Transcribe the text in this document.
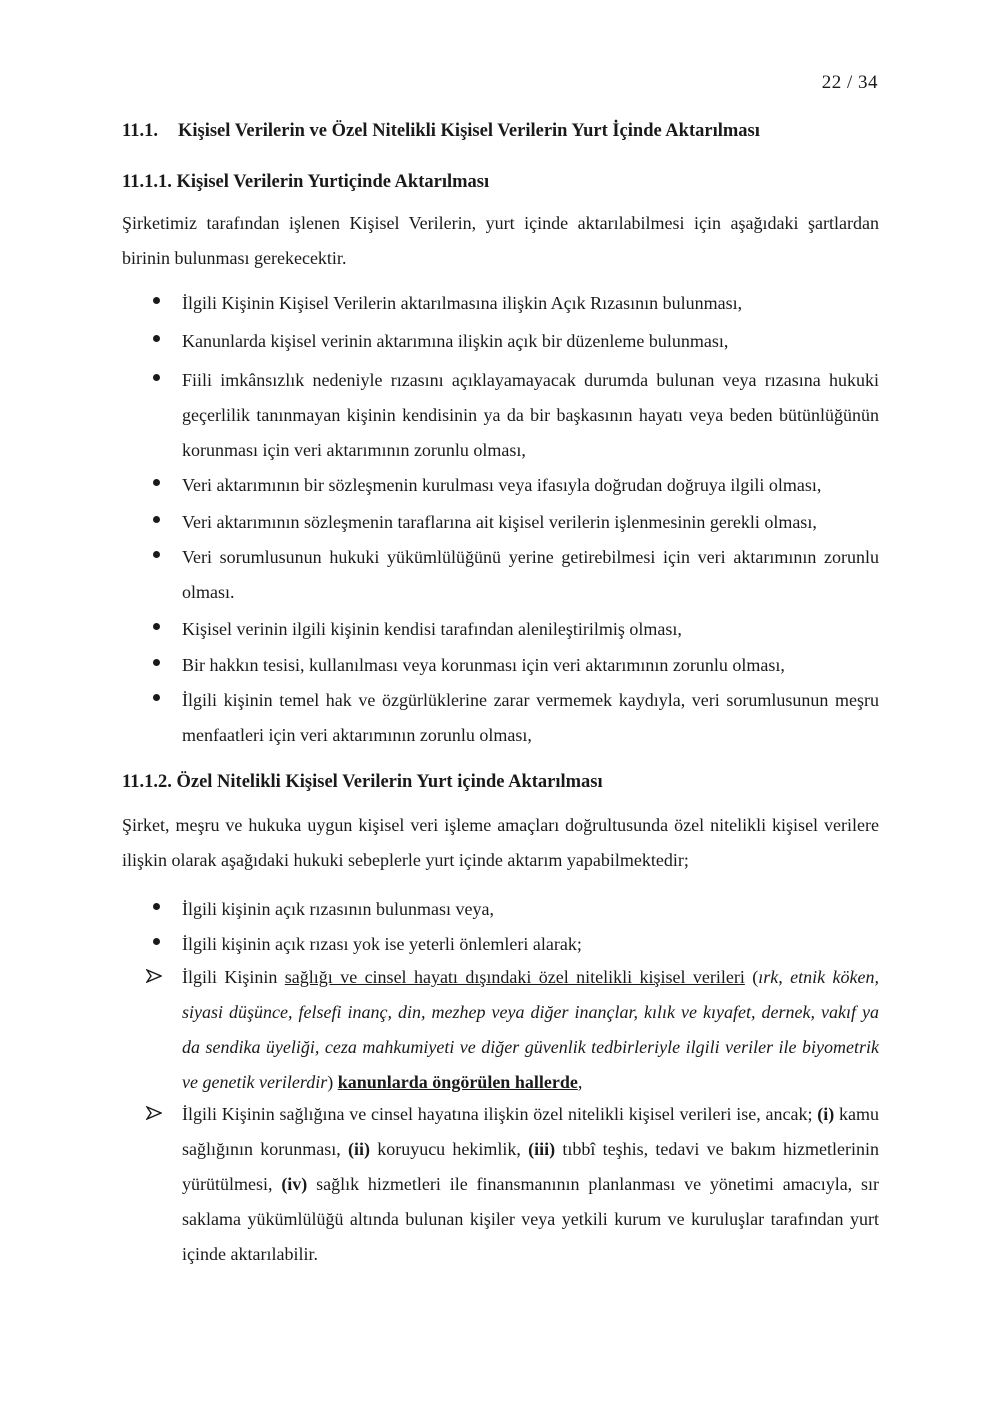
22 / 34
11.1. Kişisel Verilerin ve Özel Nitelikli Kişisel Verilerin Yurt İçinde Aktarılması
11.1.1. Kişisel Verilerin Yurtiçinde Aktarılması

Şirketimiz tarafından işlenen Kişisel Verilerin, yurt içinde aktarılabilmesi için aşağıdaki şartlardan birinin bulunması gerekecektir.

İlgili Kişinin Kişisel Verilerin aktarılmasına ilişkin Açık Rızasının bulunması,

Kanunlarda kişisel verinin aktarımına ilişkin açık bir düzenleme bulunması,

Fiili imkânsızlık nedeniyle rızasını açıklayamayacak durumda bulunan veya rızasına hukuki geçerlilik tanınmayan kişinin kendisinin ya da bir başkasının hayatı veya beden bütünlüğünün korunması için veri aktarımının zorunlu olması,

Veri aktarımının bir sözleşmenin kurulması veya ifasıyla doğrudan doğruya ilgili olması,

Veri aktarımının sözleşmenin taraflarına ait kişisel verilerin işlenmesinin gerekli olması,

Veri sorumlusunun hukuki yükümlülüğünü yerine getirebilmesi için veri aktarımının zorunlu olması.

Kişisel verinin ilgili kişinin kendisi tarafından alenileştirilmiş olması,

Bir hakkın tesisi, kullanılması veya korunması için veri aktarımının zorunlu olması,

İlgili kişinin temel hak ve özgürlüklerine zarar vermemek kaydıyla, veri sorumlusunun meşru menfaatleri için veri aktarımının zorunlu olması,

11.1.2. Özel Nitelikli Kişisel Verilerin Yurt içinde Aktarılması

Şirket, meşru ve hukuka uygun kişisel veri işleme amaçları doğrultusunda özel nitelikli kişisel verilere ilişkin olarak aşağıdaki hukuki sebeplerle yurt içinde aktarım yapabilmektedir;

İlgili kişinin açık rızasının bulunması veya,

İlgili kişinin açık rızası yok ise yeterli önlemleri alarak;

İlgili Kişinin sağlığı ve cinsel hayatı dışındaki özel nitelikli kişisel verileri (ırk, etnik köken, siyasi düşünce, felsefi inanç, din, mezhep veya diğer inançlar, kılık ve kıyafet, dernek, vakıf ya da sendika üyeliği, ceza mahkumiyeti ve diğer güvenlik tedbirleriyle ilgili veriler ile biyometrik ve genetik verilerdir) kanunlarda öngörülen hallerde,

İlgili Kişinin sağlığına ve cinsel hayatına ilişkin özel nitelikli kişisel verileri ise, ancak; (i) kamu sağlığının korunması, (ii) koruyucu hekimlik, (iii) tıbbî teşhis, tedavi ve bakım hizmetlerinin yürütülmesi, (iv) sağlık hizmetleri ile finansmanının planlanması ve yönetimi amacıyla, sır saklama yükümlülüğü altında bulunan kişiler veya yetkili kurum ve kuruluşlar tarafından yurt içinde aktarılabilir.
